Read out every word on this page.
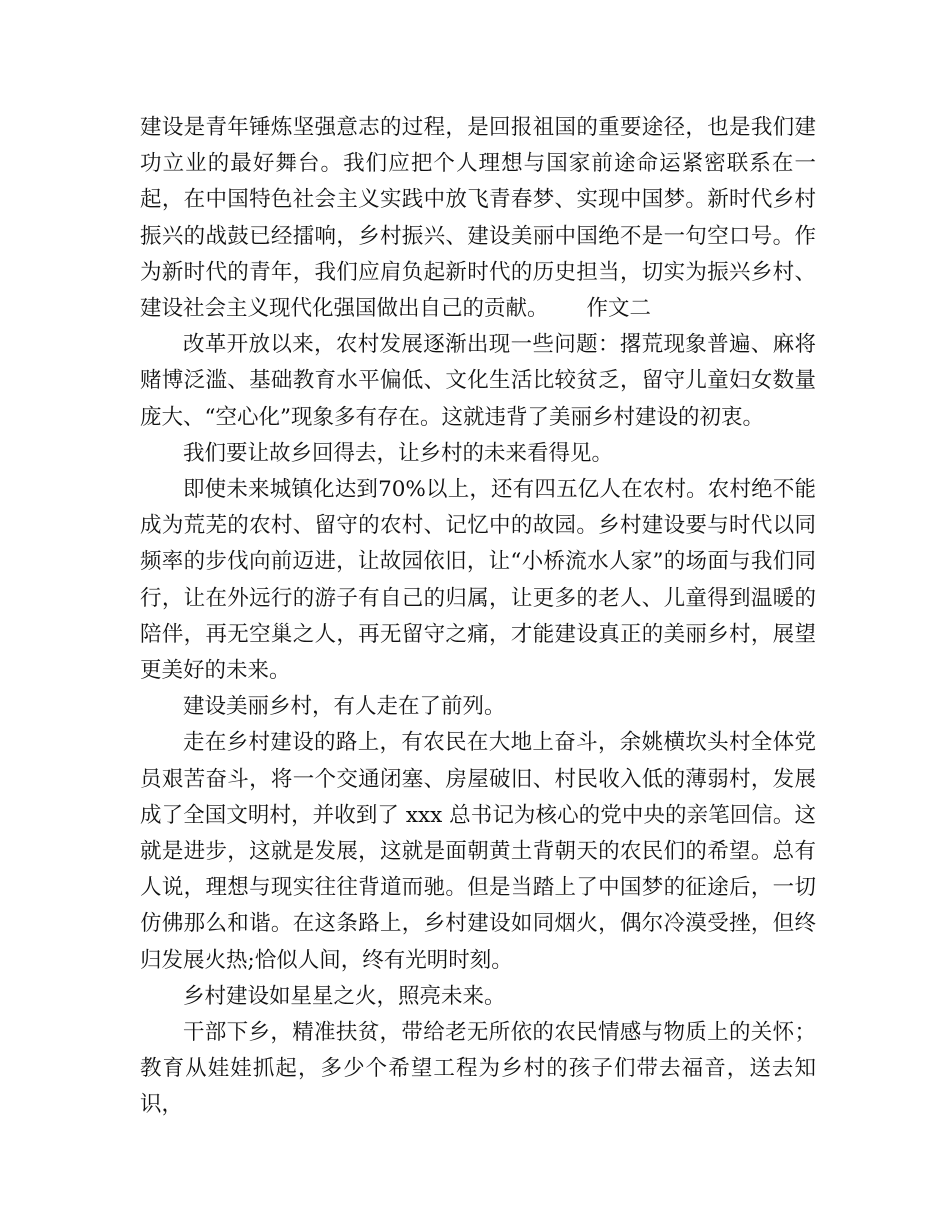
建设是青年锤炼坚强意志的过程，是回报祖国的重要途径，也是我们建功立业的最好舞台。我们应把个人理想与国家前途命运紧密联系在一起，在中国特色社会主义实践中放飞青春梦、实现中国梦。新时代乡村振兴的战鼓已经擂响，乡村振兴、建设美丽中国绝不是一句空口号。作为新时代的青年，我们应肩负起新时代的历史担当，切实为振兴乡村、建设社会主义现代化强国做出自己的贡献。 作文二

改革开放以来，农村发展逐渐出现一些问题：撂荒现象普遍、麻将赌博泛滥、基础教育水平偏低、文化生活比较贫乏，留守儿童妇女数量庞大、“空心化”现象多有存在。这就违背了美丽乡村建设的初衷。

我们要让故乡回得去，让乡村的未来看得见。

即使未来城镇化达到70%以上，还有四五亿人在农村。农村绝不能成为荒芜的农村、留守的农村、记忆中的故园。乡村建设要与时代以同频率的步伐向前迈进，让故园依旧，让“小桥流水人家”的场面与我们同行，让在外远行的游子有自己的归属，让更多的老人、儿童得到温暖的陪伴，再无空巢之人，再无留守之痛，才能建设真正的美丽乡村，展望更美好的未来。

建设美丽乡村，有人走在了前列。

走在乡村建设的路上，有农民在大地上奋斗，余姚横坎头村全体党员艰苦奋斗，将一个交通闭塞、房屋破旧、村民收入低的薄弱村，发展成了全国文明村，并收到了 xxx 总书记为核心的党中央的亲笔回信。这就是进步，这就是发展，这就是面朝黄土背朝天的农民们的希望。总有人说，理想与现实往往背道而驰。但是当踏上了中国梦的征途后，一切仿佛那么和谐。在这条路上，乡村建设如同烟火，偶尔冷漠受挫，但终归发展火热;恰似人间，终有光明时刻。

乡村建设如星星之火，照亮未来。

干部下乡，精准扶贫，带给老无所依的农民情感与物质上的关怀；教育从娃娃抓起，多少个希望工程为乡村的孩子们带去福音，送去知识，
